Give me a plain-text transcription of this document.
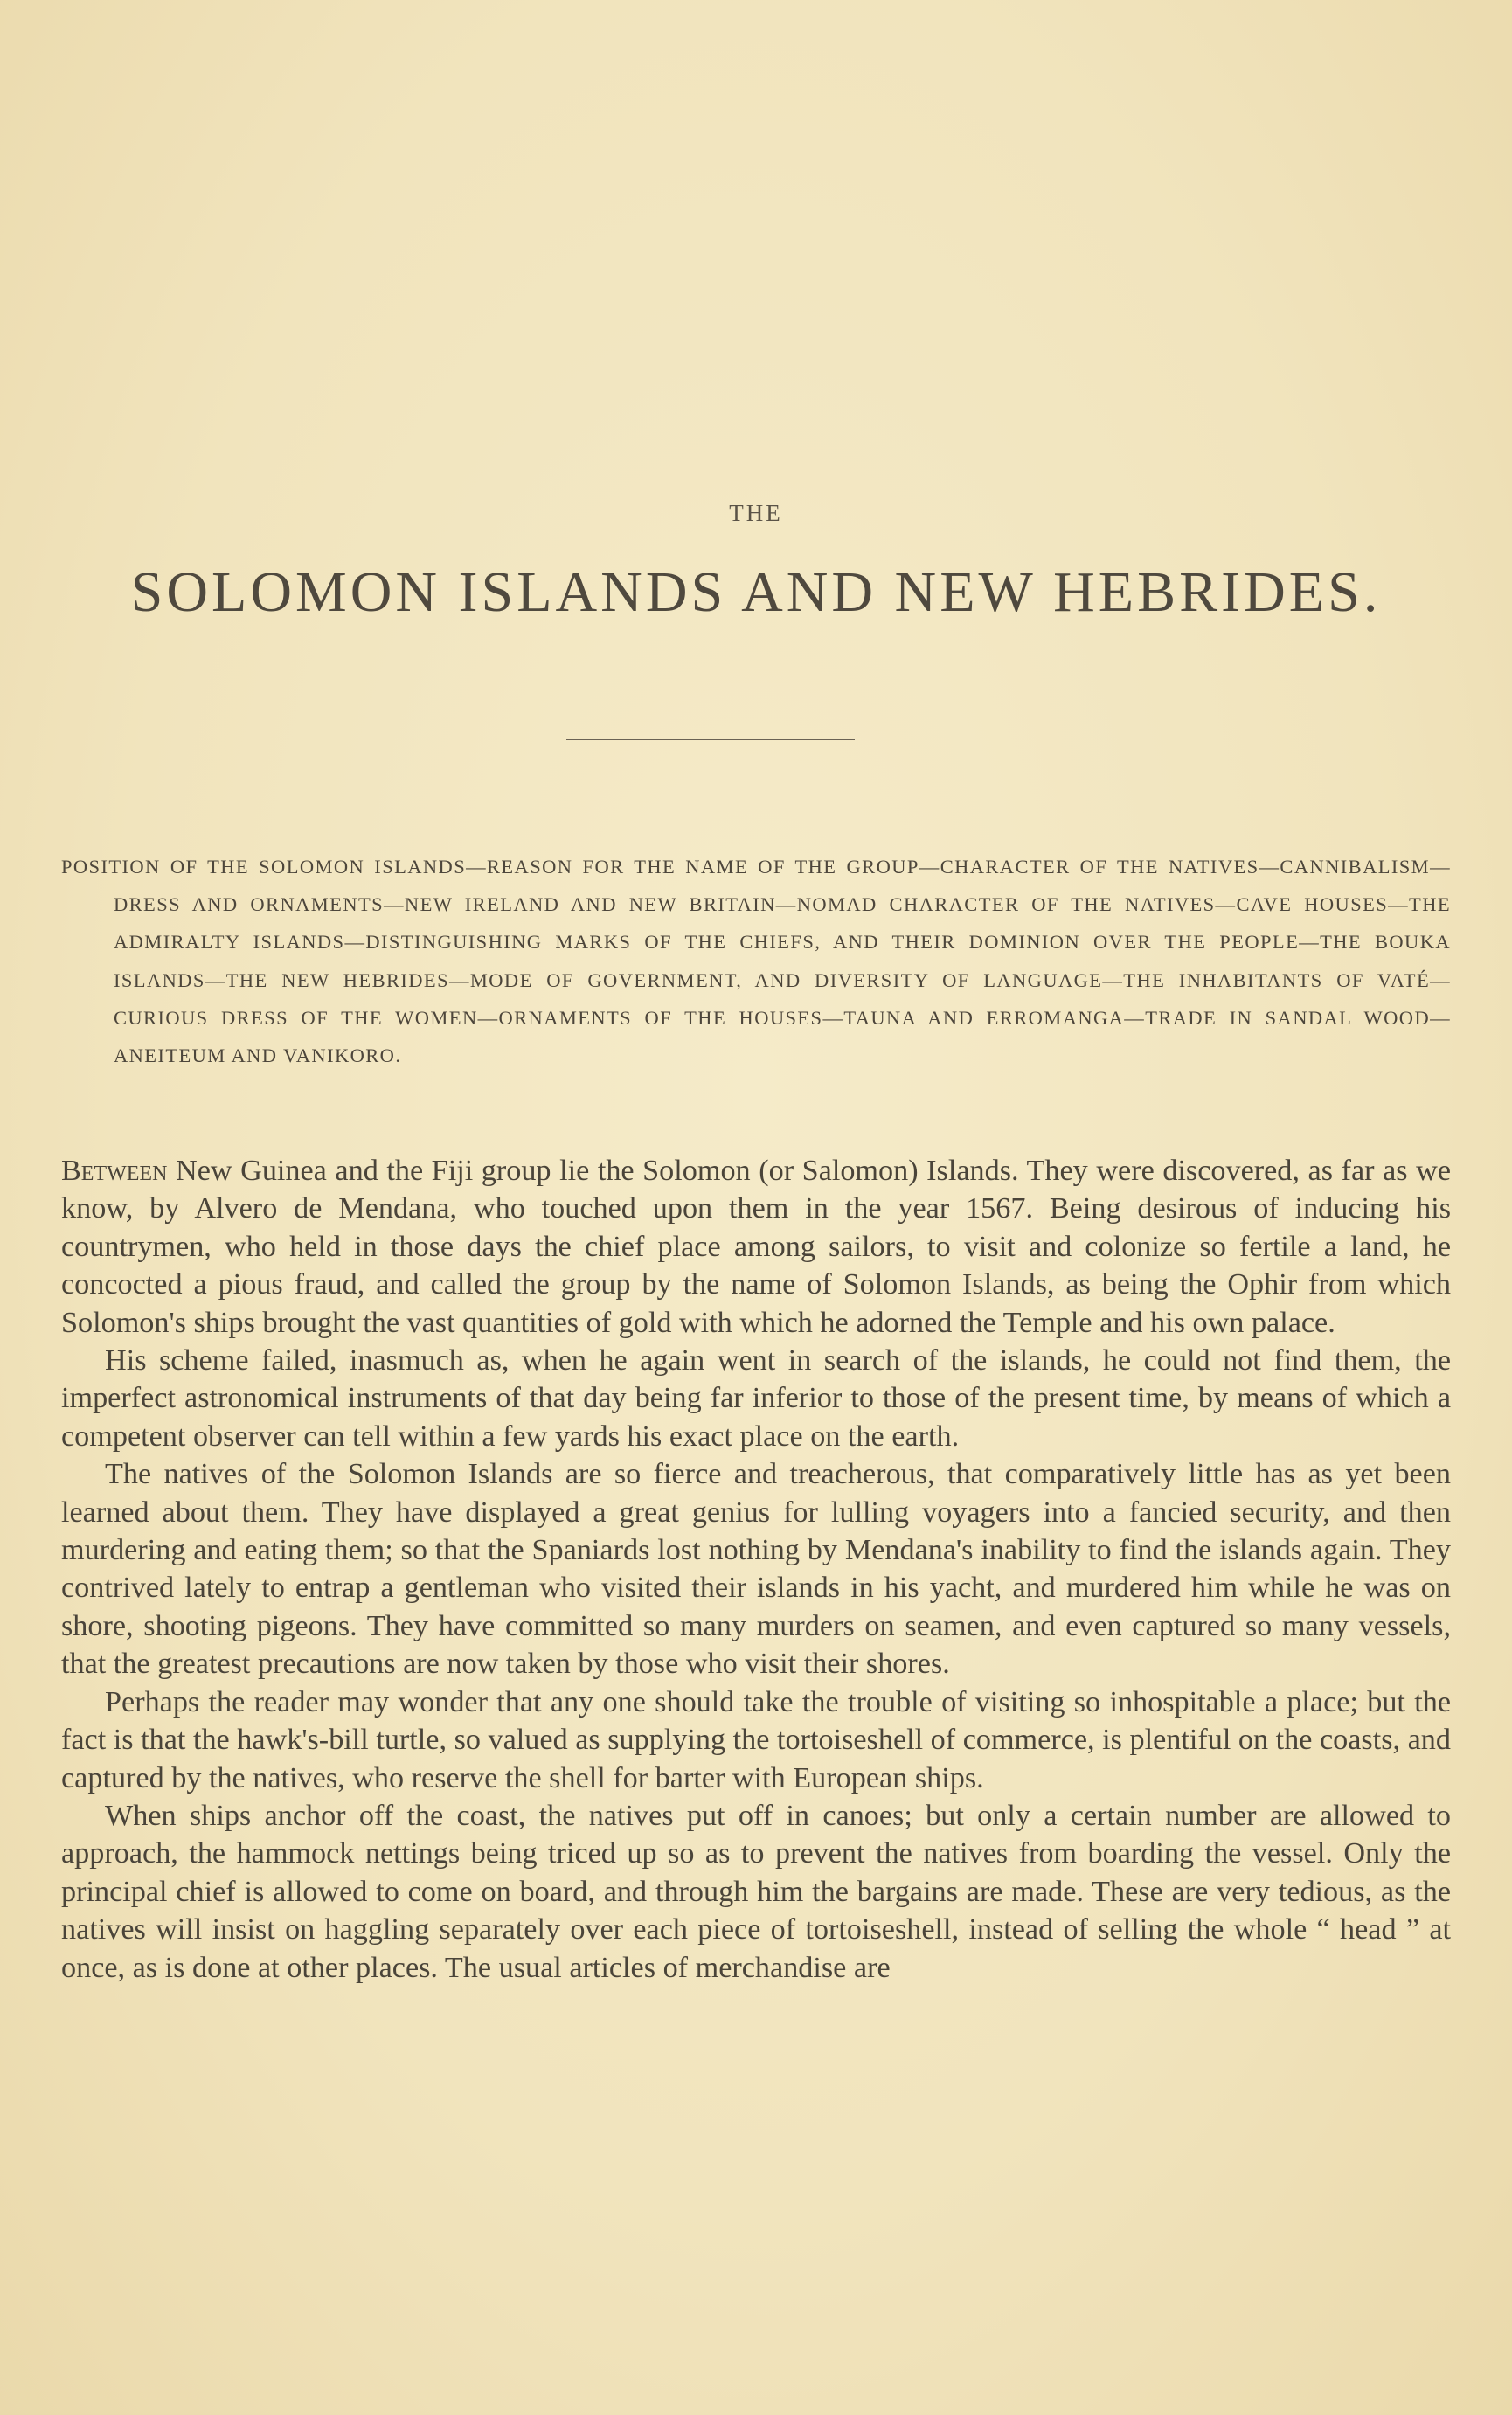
THE
SOLOMON ISLANDS AND NEW HEBRIDES.
POSITION OF THE SOLOMON ISLANDS—REASON FOR THE NAME OF THE GROUP—CHARACTER OF THE NATIVES—CANNIBALISM—DRESS AND ORNAMENTS—NEW IRELAND AND NEW BRITAIN—NOMAD CHARACTER OF THE NATIVES—CAVE HOUSES—THE ADMIRALTY ISLANDS—DISTINGUISHING MARKS OF THE CHIEFS, AND THEIR DOMINION OVER THE PEOPLE—THE BOUKA ISLANDS—THE NEW HEBRIDES—MODE OF GOVERNMENT, AND DIVERSITY OF LANGUAGE—THE INHABITANTS OF VATÉ—CURIOUS DRESS OF THE WOMEN—ORNAMENTS OF THE HOUSES—TAUNA AND ERROMANGA—TRADE IN SANDAL WOOD—ANEITEUM AND VANIKORO.

Between New Guinea and the Fiji group lie the Solomon (or Salomon) Islands. They were discovered, as far as we know, by Alvero de Mendana, who touched upon them in the year 1567. Being desirous of inducing his countrymen, who held in those days the chief place among sailors, to visit and colonize so fertile a land, he concocted a pious fraud, and called the group by the name of Solomon Islands, as being the Ophir from which Solomon's ships brought the vast quantities of gold with which he adorned the Temple and his own palace.

His scheme failed, inasmuch as, when he again went in search of the islands, he could not find them, the imperfect astronomical instruments of that day being far inferior to those of the present time, by means of which a competent observer can tell within a few yards his exact place on the earth.

The natives of the Solomon Islands are so fierce and treacherous, that comparatively little has as yet been learned about them. They have displayed a great genius for lulling voyagers into a fancied security, and then murdering and eating them; so that the Spaniards lost nothing by Mendana's inability to find the islands again. They contrived lately to entrap a gentleman who visited their islands in his yacht, and murdered him while he was on shore, shooting pigeons. They have committed so many murders on seamen, and even captured so many vessels, that the greatest precautions are now taken by those who visit their shores.

Perhaps the reader may wonder that any one should take the trouble of visiting so inhospitable a place; but the fact is that the hawk's-bill turtle, so valued as supplying the tortoiseshell of commerce, is plentiful on the coasts, and captured by the natives, who reserve the shell for barter with European ships.

When ships anchor off the coast, the natives put off in canoes; but only a certain number are allowed to approach, the hammock nettings being triced up so as to prevent the natives from boarding the vessel. Only the principal chief is allowed to come on board, and through him the bargains are made. These are very tedious, as the natives will insist on haggling separately over each piece of tortoiseshell, instead of selling the whole “ head ” at once, as is done at other places. The usual articles of merchandise are
